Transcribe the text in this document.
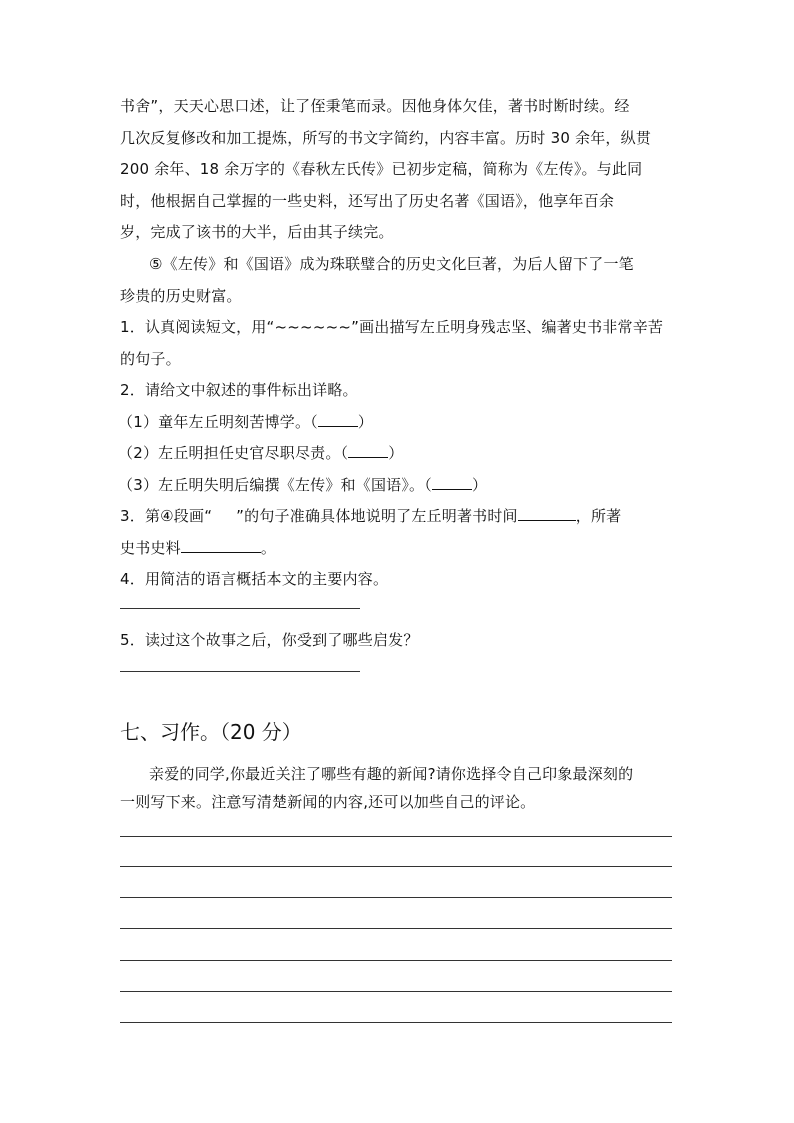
书舍”，天天心思口述，让了侄秉笔而录。因他身体欠佳，著书时断时续。经
几次反复修改和加工提炼，所写的书文字简约，内容丰富。历时 30 余年，纵贯
200 余年、18 余万字的《春秋左氏传》已初步定稿，简称为《左传》。与此同
时，他根据自己掌握的一些史料，还写出了历史名著《国语》，他享年百余
岁，完成了该书的大半，后由其子续完。
⑤《左传》和《国语》成为珠联璧合的历史文化巨著，为后人留下了一笔
珍贵的历史财富。
1．认真阅读短文，用“~~~~~~”画出描写左丘明身残志坚、编著史书非常辛苦
的句子。
2．请给文中叙述的事件标出详略。
（1）童年左丘明刻苦博学。（	）
（2）左丘明担任史官尽职尽责。（	）
（3）左丘明失明后编撰《左传》和《国语》。（	）
3．第④段画“ ”的句子准确具体地说明了左丘明著书时间	，所著
史书史料	。
4．用简洁的语言概括本文的主要内容。
5．读过这个故事之后，你受到了哪些启发？
七、习作。（20 分）
亲爱的同学,你最近关注了哪些有趣的新闻?请你选择令自己印象最深刻的
一则写下来。注意写清楚新闻的内容,还可以加些自己的评论。
